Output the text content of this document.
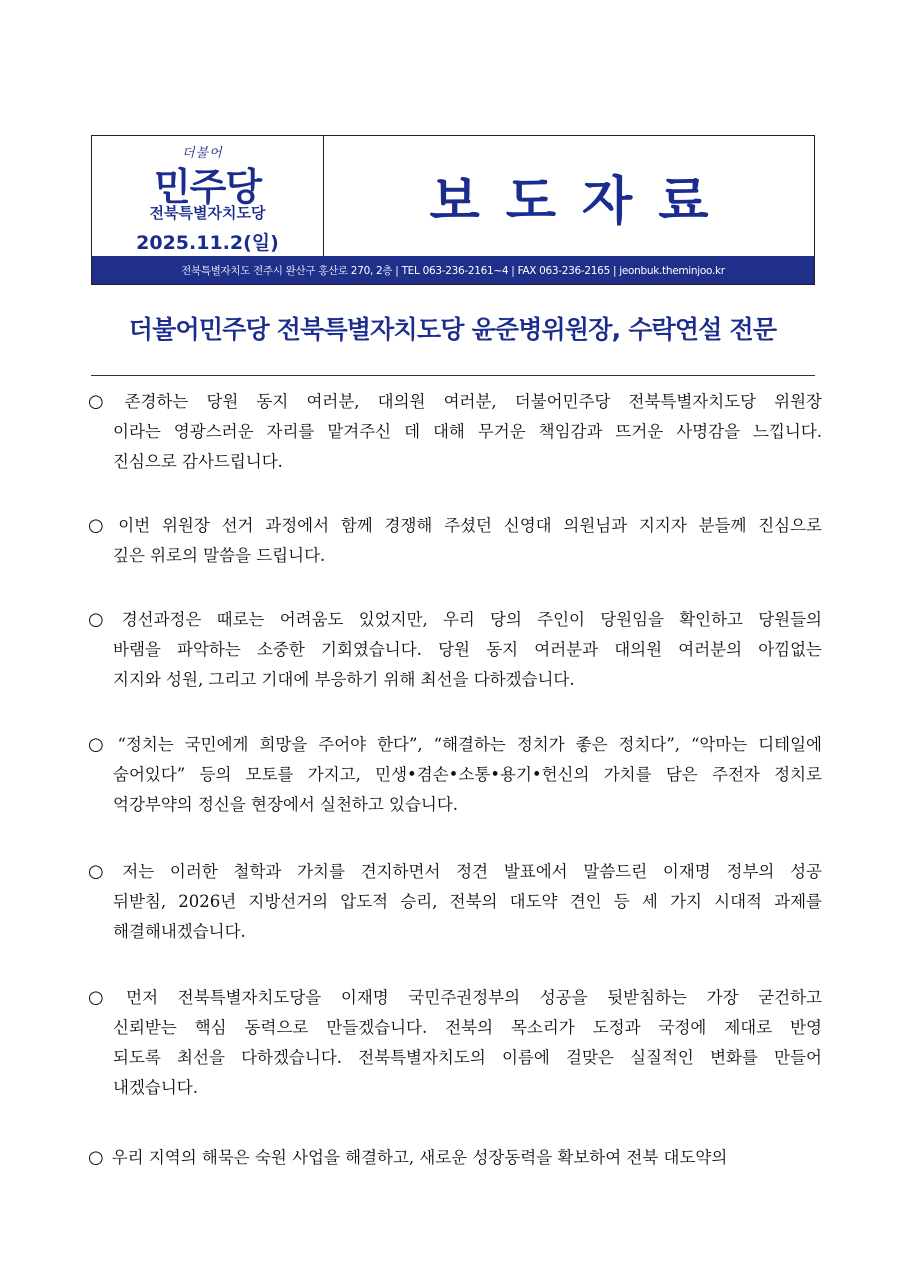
더불어
민주당
전북특별자치도당
2025.11.2(일)
보도자료
전북특별자치도 전주시 완산구 홍산로 270, 2층 | TEL 063-236-2161~4 | FAX 063-236-2165 | jeonbuk.theminjoo.kr
더불어민주당 전북특별자치도당 윤준병위원장, 수락연설 전문
○ 존경하는 당원 동지 여러분, 대의원 여러분, 더불어민주당 전북특별자치도당 위원장
이라는 영광스러운 자리를 맡겨주신 데 대해 무거운 책임감과 뜨거운 사명감을 느낍니다.
진심으로 감사드립니다.
○ 이번 위원장 선거 과정에서 함께 경쟁해 주셨던 신영대 의원님과 지지자 분들께 진심으로
깊은 위로의 말씀을 드립니다.
○ 경선과정은 때로는 어려움도 있었지만, 우리 당의 주인이 당원임을 확인하고 당원들의
바램을 파악하는 소중한 기회였습니다. 당원 동지 여러분과 대의원 여러분의 아낌없는
지지와 성원, 그리고 기대에 부응하기 위해 최선을 다하겠습니다.
○ “정치는 국민에게 희망을 주어야 한다”, “해결하는 정치가 좋은 정치다”, “악마는 디테일에
숨어있다” 등의 모토를 가지고, 민생•겸손•소통•용기•헌신의 가치를 담은 주전자 정치로
억강부약의 정신을 현장에서 실천하고 있습니다.
○ 저는 이러한 철학과 가치를 견지하면서 정견 발표에서 말씀드린 이재명 정부의 성공
뒤받침, 2026년 지방선거의 압도적 승리, 전북의 대도약 견인 등 세 가지 시대적 과제를
해결해내겠습니다.
○ 먼저 전북특별자치도당을 이재명 국민주권정부의 성공을 뒷받침하는 가장 굳건하고
신뢰받는 핵심 동력으로 만들겠습니다. 전북의 목소리가 도정과 국정에 제대로 반영
되도록 최선을 다하겠습니다. 전북특별자치도의 이름에 걸맞은 실질적인 변화를 만들어
내겠습니다.
○ 우리 지역의 해묵은 숙원 사업을 해결하고, 새로운 성장동력을 확보하여 전북 대도약의
